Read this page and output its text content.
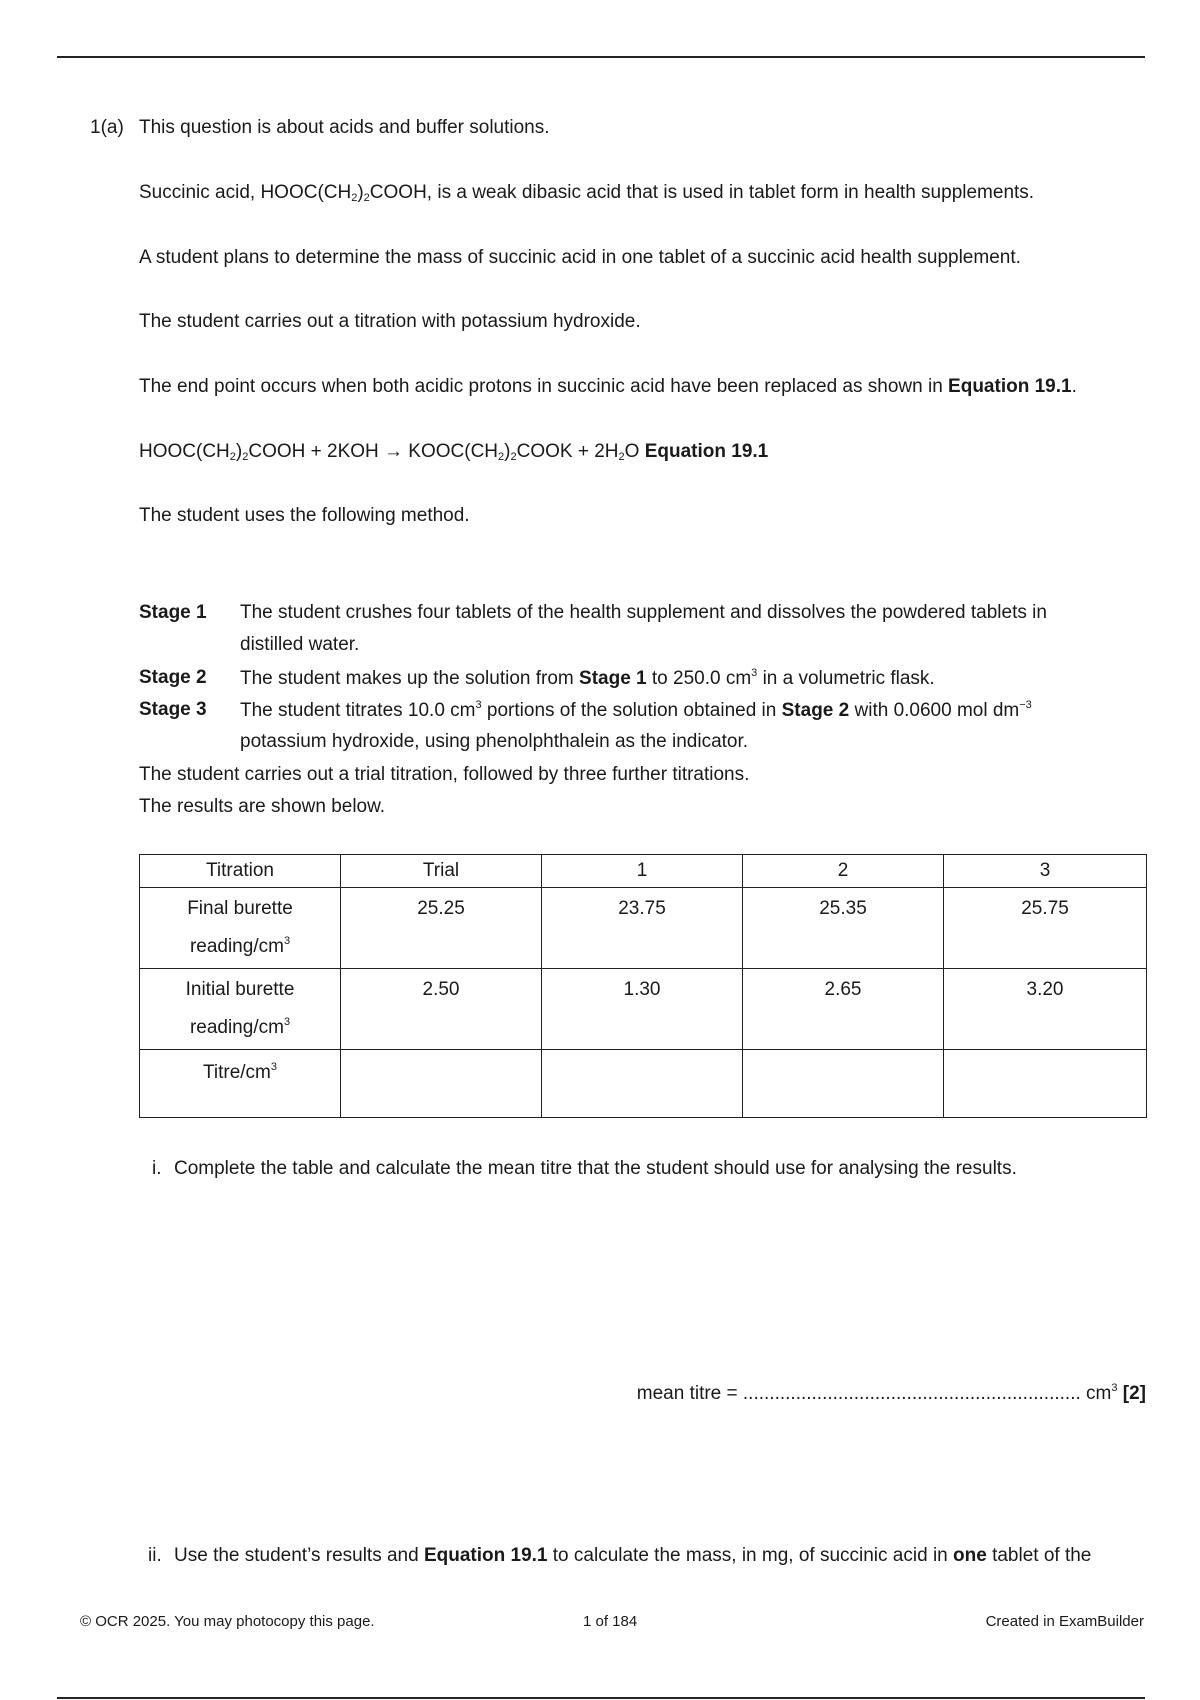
1(a) This question is about acids and buffer solutions.
Succinic acid, $HOOC(CH_2)_2COOH$, is a weak dibasic acid that is used in tablet form in health supplements.
A student plans to determine the mass of succinic acid in one tablet of a succinic acid health supplement.
The student carries out a titration with potassium hydroxide.
The end point occurs when both acidic protons in succinic acid have been replaced as shown in Equation 19.1.
$HOOC(CH_2)_2COOH + 2KOH$ → $KOOC(CH_2)_2COOK + 2H_2O$ Equation 19.1
The student uses the following method.
Stage 1 The student crushes four tablets of the health supplement and dissolves the powdered tablets in
distilled water.
Stage 2 The student makes up the solution from Stage 1 to 250.0 $cm^3$ in a volumetric flask.
Stage 3 The student titrates 10.0 $cm^3$ portions of the solution obtained in Stage 2 with 0.0600 mol $dm^{-3}$
potassium hydroxide, using phenolphthalein as the indicator.
The student carries out a trial titration, followed by three further titrations.
The results are shown below.
Titration	Trial	1	2	3
Final burette reading/$cm^3$	25.25	23.75	25.35	25.75
Initial burette reading/$cm^3$	2.50	1.30	2.65	3.20
Titre/$cm^3$				
i. Complete the table and calculate the mean titre that the student should use for analysing the results.
mean titre = ................................................................ $cm^3$ [2]
ii. Use the student’s results and Equation 19.1 to calculate the mass, in mg, of succinic acid in one tablet of the
© OCR 2025. You may photocopy this page.	1 of 184	Created in ExamBuilder
